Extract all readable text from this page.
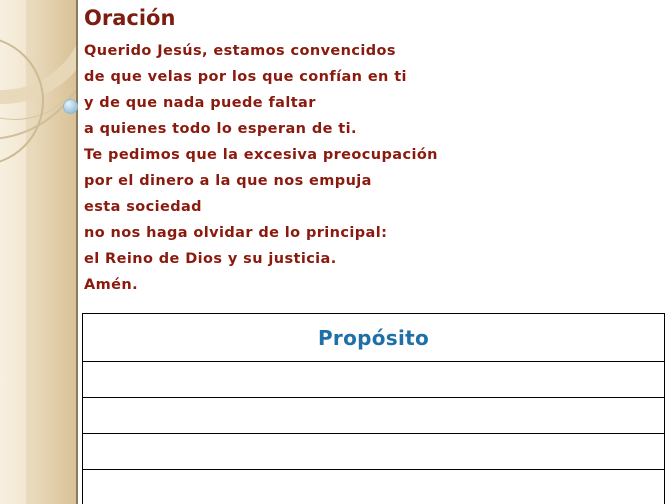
Oración
Querido Jesús, estamos convencidos
de que velas por los que confían en ti
y de que nada puede faltar
a quienes todo lo esperan de ti.
Te pedimos que la excesiva preocupación
por el dinero a la que nos empuja
esta sociedad
no nos haga olvidar de lo principal:
el Reino de Dios y su justicia.
Amén.
Propósito
